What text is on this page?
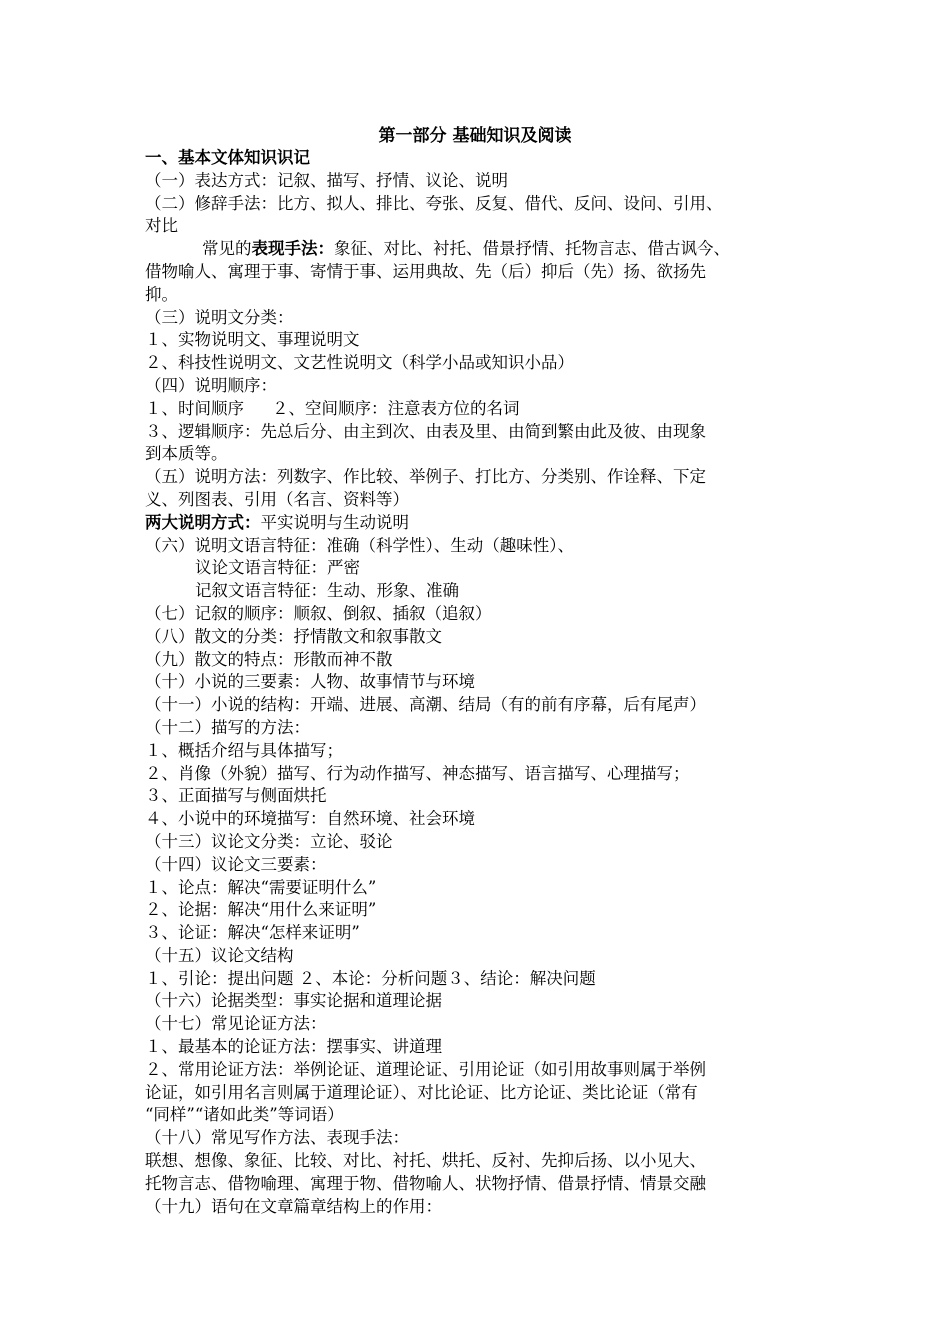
第一部分 基础知识及阅读
一、基本文体知识识记
（一）表达方式：记叙、描写、抒情、议论、说明
（二）修辞手法：比方、拟人、排比、夸张、反复、借代、反问、设问、引用、
对比
常见的表现手法：象征、对比、衬托、借景抒情、托物言志、借古讽今、
借物喻人、寓理于事、寄情于事、运用典故、先（后）抑后（先）扬、欲扬先
抑。
（三）说明文分类：
１、实物说明文、事理说明文
２、科技性说明文、文艺性说明文（科学小品或知识小品）
（四）说明顺序：
１、时间顺序 ２、空间顺序：注意表方位的名词
３、逻辑顺序：先总后分、由主到次、由表及里、由简到繁由此及彼、由现象
到本质等。
（五）说明方法：列数字、作比较、举例子、打比方、分类别、作诠释、下定
义、列图表、引用（名言、资料等）
两大说明方式：平实说明与生动说明
（六）说明文语言特征：准确（科学性）、生动（趣味性）、
议论文语言特征：严密
记叙文语言特征：生动、形象、准确
（七）记叙的顺序：顺叙、倒叙、插叙（追叙）
（八）散文的分类：抒情散文和叙事散文
（九）散文的特点：形散而神不散
（十）小说的三要素：人物、故事情节与环境
（十一）小说的结构：开端、进展、高潮、结局（有的前有序幕，后有尾声）
（十二）描写的方法：
１、概括介绍与具体描写；
２、肖像（外貌）描写、行为动作描写、神态描写、语言描写、心理描写；
３、正面描写与侧面烘托
４、小说中的环境描写：自然环境、社会环境
（十三）议论文分类：立论、驳论
（十四）议论文三要素：
１、论点：解决“需要证明什么”
２、论据：解决“用什么来证明”
３、论证：解决“怎样来证明”
（十五）议论文结构
１、引论：提出问题 ２、本论：分析问题３、结论：解决问题
（十六）论据类型：事实论据和道理论据
（十七）常见论证方法：
１、最基本的论证方法：摆事实、讲道理
２、常用论证方法：举例论证、道理论证、引用论证（如引用故事则属于举例
论证，如引用名言则属于道理论证）、对比论证、比方论证、类比论证（常有
“同样”“诸如此类”等词语）
（十八）常见写作方法、表现手法：
联想、想像、象征、比较、对比、衬托、烘托、反衬、先抑后扬、以小见大、
托物言志、借物喻理、寓理于物、借物喻人、状物抒情、借景抒情、情景交融
（十九）语句在文章篇章结构上的作用：
